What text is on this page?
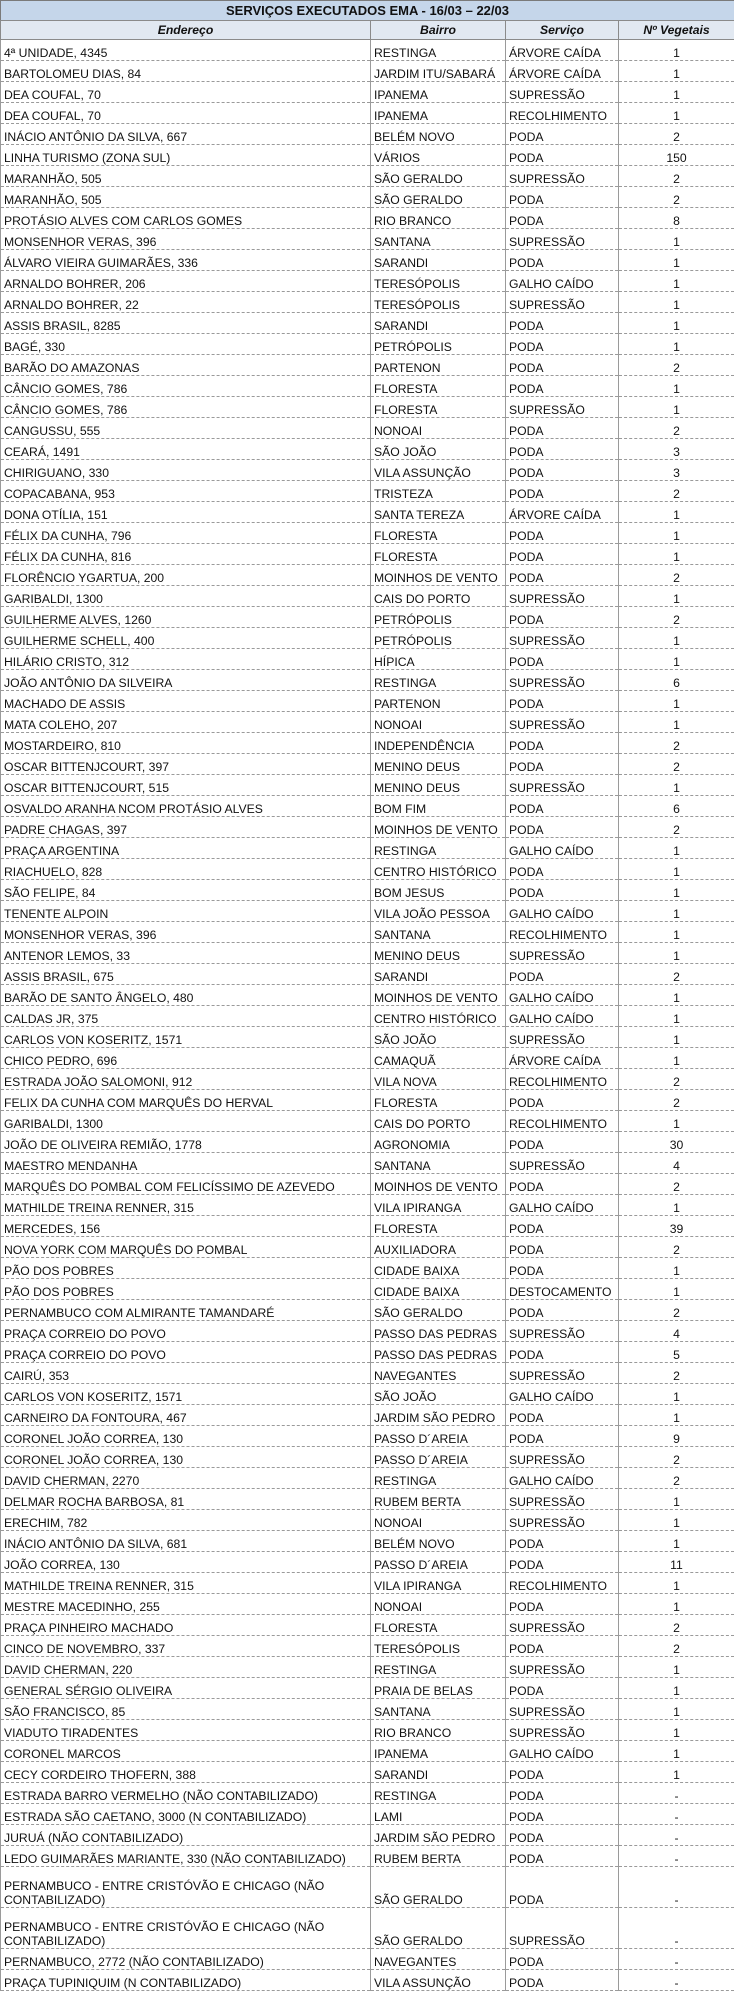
SERVIÇOS EXECUTADOS EMA - 16/03 – 22/03
Endereço	Bairro	Serviço	Nº Vegetais
4ª UNIDADE, 4345	RESTINGA	ÁRVORE CAÍDA	1
BARTOLOMEU DIAS, 84	JARDIM ITU/SABARÁ	ÁRVORE CAÍDA	1
DEA COUFAL, 70	IPANEMA	SUPRESSÃO	1
DEA COUFAL, 70	IPANEMA	RECOLHIMENTO	1
INÁCIO ANTÔNIO DA SILVA, 667	BELÉM NOVO	PODA	2
LINHA TURISMO (ZONA SUL)	VÁRIOS	PODA	150
MARANHÃO, 505	SÃO GERALDO	SUPRESSÃO	2
MARANHÃO, 505	SÃO GERALDO	PODA	2
PROTÁSIO ALVES COM CARLOS GOMES	RIO BRANCO	PODA	8
MONSENHOR VERAS, 396	SANTANA	SUPRESSÃO	1
ÁLVARO VIEIRA GUIMARÃES, 336	SARANDI	PODA	1
ARNALDO BOHRER, 206	TERESÓPOLIS	GALHO CAÍDO	1
ARNALDO BOHRER, 22	TERESÓPOLIS	SUPRESSÃO	1
ASSIS BRASIL, 8285	SARANDI	PODA	1
BAGÉ, 330	PETRÓPOLIS	PODA	1
BARÃO DO AMAZONAS	PARTENON	PODA	2
CÂNCIO GOMES, 786	FLORESTA	PODA	1
CÂNCIO GOMES, 786	FLORESTA	SUPRESSÃO	1
CANGUSSU, 555	NONOAI	PODA	2
CEARÁ, 1491	SÃO JOÃO	PODA	3
CHIRIGUANO, 330	VILA ASSUNÇÃO	PODA	3
COPACABANA, 953	TRISTEZA	PODA	2
DONA OTÍLIA, 151	SANTA TEREZA	ÁRVORE CAÍDA	1
FÉLIX DA CUNHA, 796	FLORESTA	PODA	1
FÉLIX DA CUNHA, 816	FLORESTA	PODA	1
FLORÊNCIO YGARTUA, 200	MOINHOS DE VENTO	PODA	2
GARIBALDI, 1300	CAIS DO PORTO	SUPRESSÃO	1
GUILHERME ALVES, 1260	PETRÓPOLIS	PODA	2
GUILHERME SCHELL, 400	PETRÓPOLIS	SUPRESSÃO	1
HILÁRIO CRISTO, 312	HÍPICA	PODA	1
JOÃO ANTÔNIO DA SILVEIRA	RESTINGA	SUPRESSÃO	6
MACHADO DE ASSIS	PARTENON	PODA	1
MATA COLEHO, 207	NONOAI	SUPRESSÃO	1
MOSTARDEIRO, 810	INDEPENDÊNCIA	PODA	2
OSCAR BITTENJCOURT, 397	MENINO DEUS	PODA	2
OSCAR BITTENJCOURT, 515	MENINO DEUS	SUPRESSÃO	1
OSVALDO ARANHA NCOM PROTÁSIO ALVES	BOM FIM	PODA	6
PADRE CHAGAS, 397	MOINHOS DE VENTO	PODA	2
PRAÇA ARGENTINA	RESTINGA	GALHO CAÍDO	1
RIACHUELO, 828	CENTRO HISTÓRICO	PODA	1
SÃO FELIPE, 84	BOM JESUS	PODA	1
TENENTE ALPOIN	VILA JOÃO PESSOA	GALHO CAÍDO	1
MONSENHOR VERAS, 396	SANTANA	RECOLHIMENTO	1
ANTENOR LEMOS, 33	MENINO DEUS	SUPRESSÃO	1
ASSIS BRASIL, 675	SARANDI	PODA	2
BARÃO DE SANTO ÂNGELO, 480	MOINHOS DE VENTO	GALHO CAÍDO	1
CALDAS JR, 375	CENTRO HISTÓRICO	GALHO CAÍDO	1
CARLOS VON KOSERITZ, 1571	SÃO JOÃO	SUPRESSÃO	1
CHICO PEDRO, 696	CAMAQUÃ	ÁRVORE CAÍDA	1
ESTRADA JOÃO SALOMONI, 912	VILA NOVA	RECOLHIMENTO	2
FELIX DA CUNHA COM MARQUÊS DO HERVAL	FLORESTA	PODA	2
GARIBALDI, 1300	CAIS DO PORTO	RECOLHIMENTO	1
JOÃO DE OLIVEIRA REMIÃO, 1778	AGRONOMIA	PODA	30
MAESTRO MENDANHA	SANTANA	SUPRESSÃO	4
MARQUÊS DO POMBAL COM FELICÍSSIMO DE AZEVEDO	MOINHOS DE VENTO	PODA	2
MATHILDE TREINA RENNER, 315	VILA IPIRANGA	GALHO CAÍDO	1
MERCEDES, 156	FLORESTA	PODA	39
NOVA YORK COM MARQUÊS DO POMBAL	AUXILIADORA	PODA	2
PÃO DOS POBRES	CIDADE BAIXA	PODA	1
PÃO DOS POBRES	CIDADE BAIXA	DESTOCAMENTO	1
PERNAMBUCO COM ALMIRANTE TAMANDARÉ	SÃO GERALDO	PODA	2
PRAÇA CORREIO DO POVO	PASSO DAS PEDRAS	SUPRESSÃO	4
PRAÇA CORREIO DO POVO	PASSO DAS PEDRAS	PODA	5
CAIRÚ, 353	NAVEGANTES	SUPRESSÃO	2
CARLOS VON KOSERITZ, 1571	SÃO JOÃO	GALHO CAÍDO	1
CARNEIRO DA FONTOURA, 467	JARDIM SÃO PEDRO	PODA	1
CORONEL JOÃO CORREA, 130	PASSO D´AREIA	PODA	9
CORONEL JOÃO CORREA, 130	PASSO D´AREIA	SUPRESSÃO	2
DAVID CHERMAN, 2270	RESTINGA	GALHO CAÍDO	2
DELMAR ROCHA BARBOSA, 81	RUBEM BERTA	SUPRESSÃO	1
ERECHIM, 782	NONOAI	SUPRESSÃO	1
INÁCIO ANTÔNIO DA SILVA, 681	BELÉM NOVO	PODA	1
JOÃO CORREA, 130	PASSO D´AREIA	PODA	11
MATHILDE TREINA RENNER, 315	VILA IPIRANGA	RECOLHIMENTO	1
MESTRE MACEDINHO, 255	NONOAI	PODA	1
PRAÇA PINHEIRO MACHADO	FLORESTA	SUPRESSÃO	2
CINCO DE NOVEMBRO, 337	TERESÓPOLIS	PODA	2
DAVID CHERMAN, 220	RESTINGA	SUPRESSÃO	1
GENERAL SÉRGIO OLIVEIRA	PRAIA DE BELAS	PODA	1
SÃO FRANCISCO, 85	SANTANA	SUPRESSÃO	1
VIADUTO TIRADENTES	RIO BRANCO	SUPRESSÃO	1
CORONEL MARCOS	IPANEMA	GALHO CAÍDO	1
CECY CORDEIRO THOFERN, 388	SARANDI	PODA	1
ESTRADA BARRO VERMELHO (NÃO CONTABILIZADO)	RESTINGA	PODA	-
ESTRADA SÃO CAETANO, 3000 (N CONTABILIZADO)	LAMI	PODA	-
JURUÁ (NÃO CONTABILIZADO)	JARDIM SÃO PEDRO	PODA	-
LEDO GUIMARÃES MARIANTE, 330 (NÃO CONTABILIZADO)	RUBEM BERTA	PODA	-
PERNAMBUCO - ENTRE CRISTÓVÃO E CHICAGO (NÃO CONTABILIZADO)	SÃO GERALDO	PODA	-
PERNAMBUCO - ENTRE CRISTÓVÃO E CHICAGO (NÃO CONTABILIZADO)	SÃO GERALDO	SUPRESSÃO	-
PERNAMBUCO, 2772 (NÃO CONTABILIZADO)	NAVEGANTES	PODA	-
PRAÇA TUPINIQUIM (N CONTABILIZADO)	VILA ASSUNÇÃO	PODA	-
